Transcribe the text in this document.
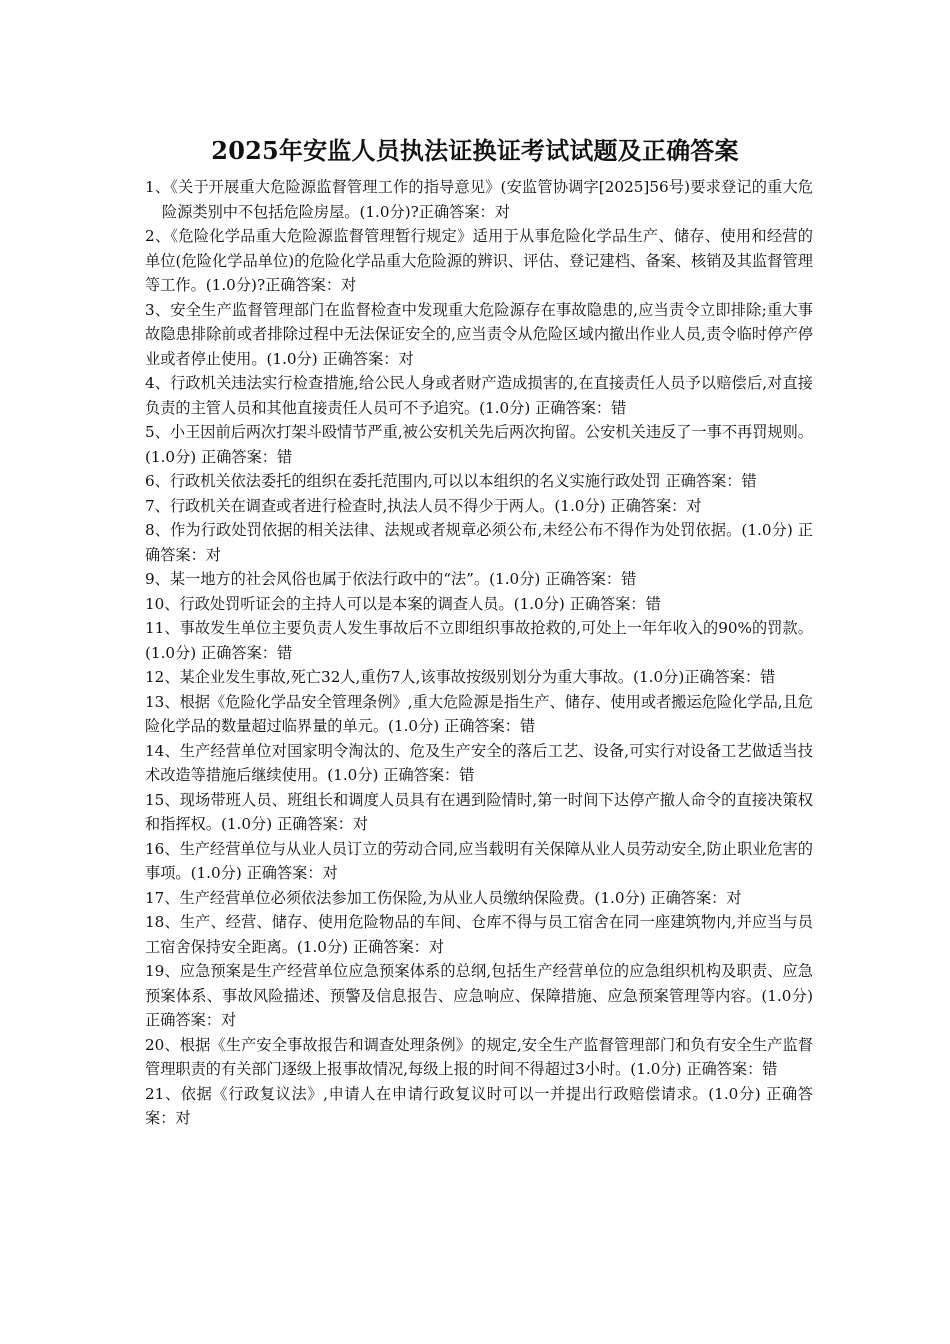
2025年安监人员执法证换证考试试题及正确答案

1、《关于开展重大危险源监督管理工作的指导意见》(安监管协调字[2025]56号)要求登记的重大危险源类别中不包括危险房屋。(1.0分)?正确答案：对

2、《危险化学品重大危险源监督管理暂行规定》适用于从事危险化学品生产、储存、使用和经营的单位(危险化学品单位)的危险化学品重大危险源的辨识、评估、登记建档、备案、核销及其监督管理等工作。(1.0分)?正确答案：对

3、安全生产监督管理部门在监督检查中发现重大危险源存在事故隐患的,应当责令立即排除;重大事故隐患排除前或者排除过程中无法保证安全的,应当责令从危险区域内撤出作业人员,责令临时停产停业或者停止使用。(1.0分) 正确答案：对

4、行政机关违法实行检查措施,给公民人身或者财产造成损害的,在直接责任人员予以赔偿后,对直接负责的主管人员和其他直接责任人员可不予追究。(1.0分) 正确答案：错

5、小王因前后两次打架斗殴情节严重,被公安机关先后两次拘留。公安机关违反了一事不再罚规则。(1.0分) 正确答案：错

6、行政机关依法委托的组织在委托范围内,可以以本组织的名义实施行政处罚 正确答案：错

7、行政机关在调查或者进行检查时,执法人员不得少于两人。(1.0分) 正确答案：对

8、作为行政处罚依据的相关法律、法规或者规章必须公布,未经公布不得作为处罚依据。(1.0分) 正确答案：对

9、某一地方的社会风俗也属于依法行政中的“法”。(1.0分) 正确答案：错

10、行政处罚听证会的主持人可以是本案的调查人员。(1.0分) 正确答案：错

11、事故发生单位主要负责人发生事故后不立即组织事故抢救的,可处上一年年收入的90%的罚款。(1.0分) 正确答案：错

12、某企业发生事故,死亡32人,重伤7人,该事故按级别划分为重大事故。(1.0分)正确答案：错

13、根据《危险化学品安全管理条例》,重大危险源是指生产、储存、使用或者搬运危险化学品,且危险化学品的数量超过临界量的单元。(1.0分) 正确答案：错

14、生产经营单位对国家明令淘汰的、危及生产安全的落后工艺、设备,可实行对设备工艺做适当技术改造等措施后继续使用。(1.0分) 正确答案：错

15、现场带班人员、班组长和调度人员具有在遇到险情时,第一时间下达停产撤人命令的直接决策权和指挥权。(1.0分) 正确答案：对

16、生产经营单位与从业人员订立的劳动合同,应当载明有关保障从业人员劳动安全,防止职业危害的事项。(1.0分) 正确答案：对

17、生产经营单位必须依法参加工伤保险,为从业人员缴纳保险费。(1.0分) 正确答案：对

18、生产、经营、储存、使用危险物品的车间、仓库不得与员工宿舍在同一座建筑物内,并应当与员工宿舍保持安全距离。(1.0分) 正确答案：对

19、应急预案是生产经营单位应急预案体系的总纲,包括生产经营单位的应急组织机构及职责、应急预案体系、事故风险描述、预警及信息报告、应急响应、保障措施、应急预案管理等内容。(1.0分) 正确答案：对

20、根据《生产安全事故报告和调查处理条例》的规定,安全生产监督管理部门和负有安全生产监督管理职责的有关部门逐级上报事故情况,每级上报的时间不得超过3小时。(1.0分) 正确答案：错

21、依据《行政复议法》,申请人在申请行政复议时可以一并提出行政赔偿请求。(1.0分) 正确答案：对
